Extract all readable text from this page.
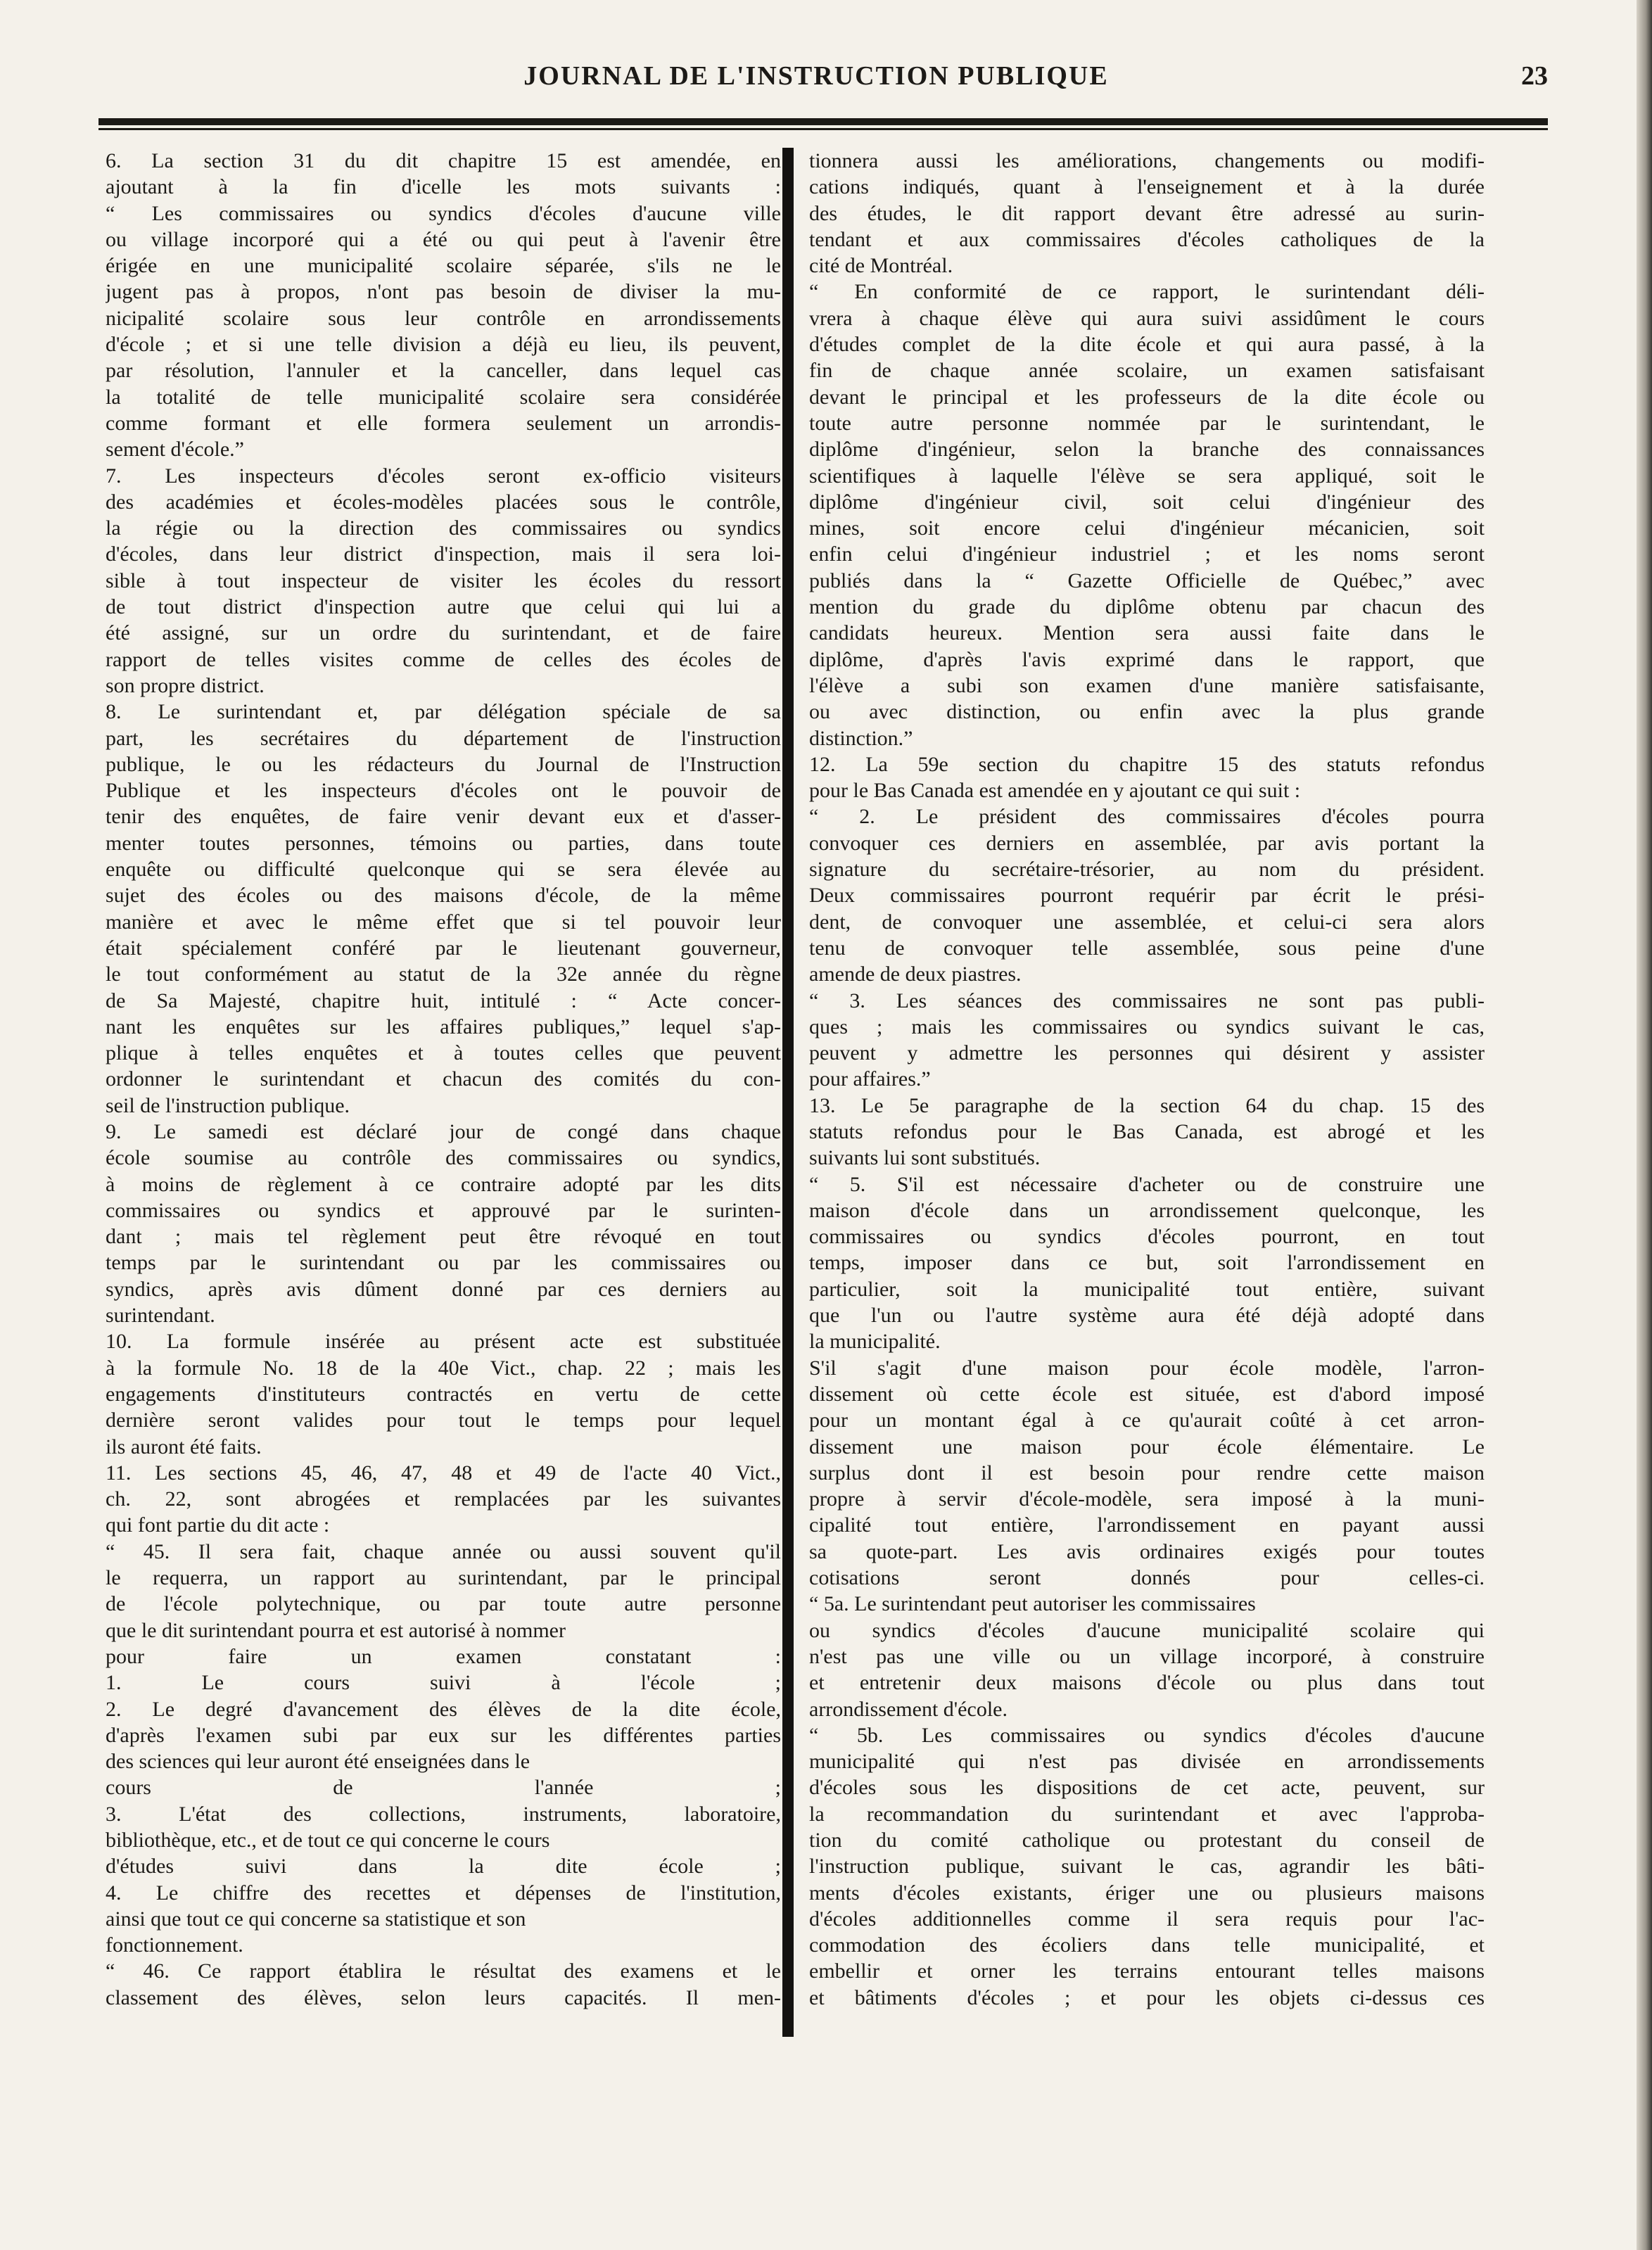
JOURNAL DE L'INSTRUCTION PUBLIQUE	23
6. La section 31 du dit chapitre 15 est amendée, en
ajoutant à la fin d'icelle les mots suivants :
“ Les commissaires ou syndics d'écoles d'aucune ville
ou village incorporé qui a été ou qui peut à l'avenir être
érigée en une municipalité scolaire séparée, s'ils ne le
jugent pas à propos, n'ont pas besoin de diviser la mu-
nicipalité scolaire sous leur contrôle en arrondissements
d'école ; et si une telle division a déjà eu lieu, ils peuvent,
par résolution, l'annuler et la canceller, dans lequel cas
la totalité de telle municipalité scolaire sera considérée
comme formant et elle formera seulement un arrondis-
sement d'école.”
7. Les inspecteurs d'écoles seront ex-officio visiteurs
des académies et écoles-modèles placées sous le contrôle,
la régie ou la direction des commissaires ou syndics
d'écoles, dans leur district d'inspection, mais il sera loi-
sible à tout inspecteur de visiter les écoles du ressort
de tout district d'inspection autre que celui qui lui a
été assigné, sur un ordre du surintendant, et de faire
rapport de telles visites comme de celles des écoles de
son propre district.
8. Le surintendant et, par délégation spéciale de sa
part, les secrétaires du département de l'instruction
publique, le ou les rédacteurs du Journal de l'Instruction
Publique et les inspecteurs d'écoles ont le pouvoir de
tenir des enquêtes, de faire venir devant eux et d'asser-
menter toutes personnes, témoins ou parties, dans toute
enquête ou difficulté quelconque qui se sera élevée au
sujet des écoles ou des maisons d'école, de la même
manière et avec le même effet que si tel pouvoir leur
était spécialement conféré par le lieutenant gouverneur,
le tout conformément au statut de la 32e année du règne
de Sa Majesté, chapitre huit, intitulé : “ Acte concer-
nant les enquêtes sur les affaires publiques,” lequel s'ap-
plique à telles enquêtes et à toutes celles que peuvent
ordonner le surintendant et chacun des comités du con-
seil de l'instruction publique.
9. Le samedi est déclaré jour de congé dans chaque
école soumise au contrôle des commissaires ou syndics,
à moins de règlement à ce contraire adopté par les dits
commissaires ou syndics et approuvé par le surinten-
dant ; mais tel règlement peut être révoqué en tout
temps par le surintendant ou par les commissaires ou
syndics, après avis dûment donné par ces derniers au
surintendant.
10. La formule insérée au présent acte est substituée
à la formule No. 18 de la 40e Vict., chap. 22 ; mais les
engagements d'instituteurs contractés en vertu de cette
dernière seront valides pour tout le temps pour lequel
ils auront été faits.
11. Les sections 45, 46, 47, 48 et 49 de l'acte 40 Vict.,
ch. 22, sont abrogées et remplacées par les suivantes
qui font partie du dit acte :
“ 45. Il sera fait, chaque année ou aussi souvent qu'il
le requerra, un rapport au surintendant, par le principal
de l'école polytechnique, ou par toute autre personne
que le dit surintendant pourra et est autorisé à nommer
pour faire un examen constatant :
1. Le cours suivi à l'école ;
2. Le degré d'avancement des élèves de la dite école,
d'après l'examen subi par eux sur les différentes parties
des sciences qui leur auront été enseignées dans le
cours de l'année ;
3. L'état des collections, instruments, laboratoire,
bibliothèque, etc., et de tout ce qui concerne le cours
d'études suivi dans la dite école ;
4. Le chiffre des recettes et dépenses de l'institution,
ainsi que tout ce qui concerne sa statistique et son
fonctionnement.
“ 46. Ce rapport établira le résultat des examens et le
classement des élèves, selon leurs capacités. Il men-
tionnera aussi les améliorations, changements ou modifi-
cations indiqués, quant à l'enseignement et à la durée
des études, le dit rapport devant être adressé au surin-
tendant et aux commissaires d'écoles catholiques de la
cité de Montréal.
“ En conformité de ce rapport, le surintendant déli-
vrera à chaque élève qui aura suivi assidûment le cours
d'études complet de la dite école et qui aura passé, à la
fin de chaque année scolaire, un examen satisfaisant
devant le principal et les professeurs de la dite école ou
toute autre personne nommée par le surintendant, le
diplôme d'ingénieur, selon la branche des connaissances
scientifiques à laquelle l'élève se sera appliqué, soit le
diplôme d'ingénieur civil, soit celui d'ingénieur des
mines, soit encore celui d'ingénieur mécanicien, soit
enfin celui d'ingénieur industriel ; et les noms seront
publiés dans la “ Gazette Officielle de Québec,” avec
mention du grade du diplôme obtenu par chacun des
candidats heureux. Mention sera aussi faite dans le
diplôme, d'après l'avis exprimé dans le rapport, que
l'élève a subi son examen d'une manière satisfaisante,
ou avec distinction, ou enfin avec la plus grande
distinction.”
12. La 59e section du chapitre 15 des statuts refondus
pour le Bas Canada est amendée en y ajoutant ce qui suit :
“ 2. Le président des commissaires d'écoles pourra
convoquer ces derniers en assemblée, par avis portant la
signature du secrétaire-trésorier, au nom du président.
Deux commissaires pourront requérir par écrit le prési-
dent, de convoquer une assemblée, et celui-ci sera alors
tenu de convoquer telle assemblée, sous peine d'une
amende de deux piastres.
“ 3. Les séances des commissaires ne sont pas publi-
ques ; mais les commissaires ou syndics suivant le cas,
peuvent y admettre les personnes qui désirent y assister
pour affaires.”
13. Le 5e paragraphe de la section 64 du chap. 15 des
statuts refondus pour le Bas Canada, est abrogé et les
suivants lui sont substitués.
“ 5. S'il est nécessaire d'acheter ou de construire une
maison d'école dans un arrondissement quelconque, les
commissaires ou syndics d'écoles pourront, en tout
temps, imposer dans ce but, soit l'arrondissement en
particulier, soit la municipalité tout entière, suivant
que l'un ou l'autre système aura été déjà adopté dans
la municipalité.
S'il s'agit d'une maison pour école modèle, l'arron-
dissement où cette école est située, est d'abord imposé
pour un montant égal à ce qu'aurait coûté à cet arron-
dissement une maison pour école élémentaire. Le
surplus dont il est besoin pour rendre cette maison
propre à servir d'école-modèle, sera imposé à la muni-
cipalité tout entière, l'arrondissement en payant aussi
sa quote-part. Les avis ordinaires exigés pour toutes
cotisations seront donnés pour celles-ci.
“ 5a. Le surintendant peut autoriser les commissaires
ou syndics d'écoles d'aucune municipalité scolaire qui
n'est pas une ville ou un village incorporé, à construire
et entretenir deux maisons d'école ou plus dans tout
arrondissement d'école.
“ 5b. Les commissaires ou syndics d'écoles d'aucune
municipalité qui n'est pas divisée en arrondissements
d'écoles sous les dispositions de cet acte, peuvent, sur
la recommandation du surintendant et avec l'approba-
tion du comité catholique ou protestant du conseil de
l'instruction publique, suivant le cas, agrandir les bâti-
ments d'écoles existants, ériger une ou plusieurs maisons
d'écoles additionnelles comme il sera requis pour l'ac-
commodation des écoliers dans telle municipalité, et
embellir et orner les terrains entourant telles maisons
et bâtiments d'écoles ; et pour les objets ci-dessus ces
